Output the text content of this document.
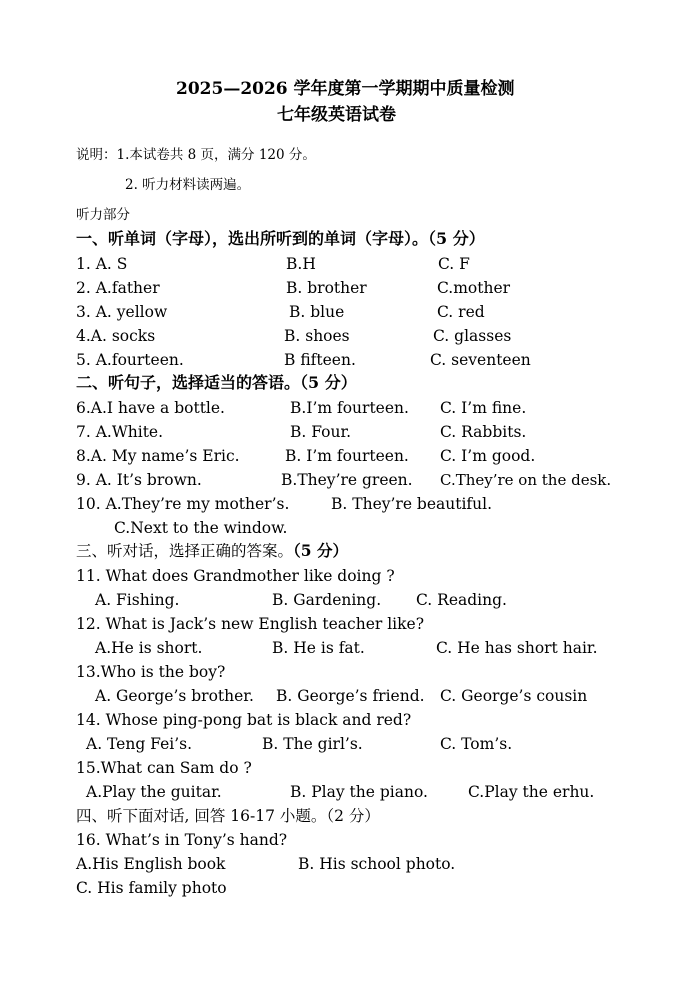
2025—2026 学年度第一学期期中质量检测
七年级英语试卷
说明：1.本试卷共 8 页，满分 120 分。
2. 听力材料读两遍。
听力部分
一、听单词（字母），选出所听到的单词（字母）。（5 分）
1. A. S	B.H	C. F
2. A.father	B. brother	C.mother
3. A. yellow	B. blue	C. red
4.A. socks	B. shoes	C. glasses
5. A.fourteen.	B fifteen.	C. seventeen
二、听句子，选择适当的答语。（5 分）
6.A.I have a bottle.	B.I’m fourteen. C. I’m fine.
7. A.White.	B. Four.	C. Rabbits.
8.A. My name’s Eric.	B. I’m fourteen. C. I’m good.
9. A. It’s brown.	B.They’re green. C.They’re on the desk.
10. A.They’re my mother’s.	B. They’re beautiful.
C.Next to the window.
三、听对话，选择正确的答案。（5 分）
11. What does Grandmother like doing ?
A. Fishing.	B. Gardening. C. Reading.
12. What is Jack’s new English teacher like?
A.He is short.	B. He is fat.	C. He has short hair.
13.Who is the boy?
A. George’s brother. B. George’s friend. C. George’s cousin
14. Whose ping-pong bat is black and red?
A. Teng Fei’s.	B. The girl’s.	C. Tom’s.
15.What can Sam do ?
A.Play the guitar.	B. Play the piano.	C.Play the erhu.
四、听下面对话, 回答 16-17 小题。（2 分）
16. What’s in Tony’s hand?
A.His English book	B. His school photo.
C. His family photo
